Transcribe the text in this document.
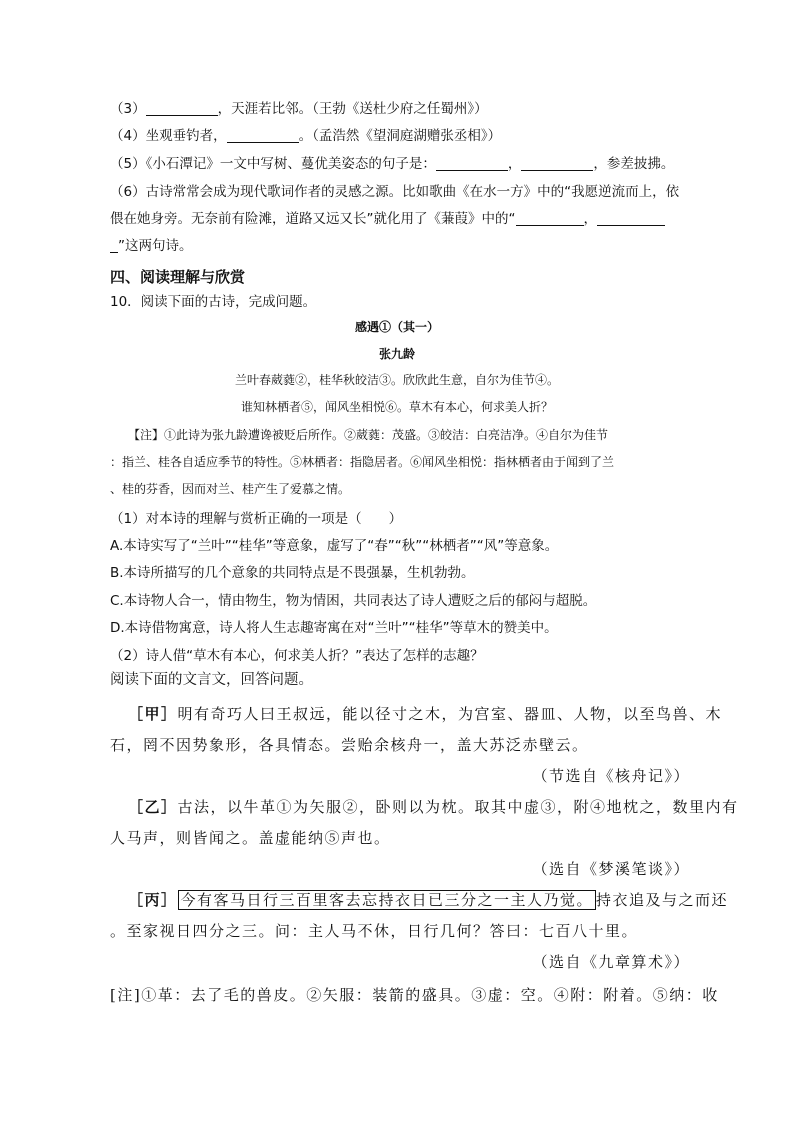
（3）	，天涯若比邻。（王勃《送杜少府之任蜀州》）
（4）坐观垂钓者，	。（孟浩然《望洞庭湖赠张丞相》）
（5）《小石潭记》一文中写树、蔓优美姿态的句子是：	，	，参差披拂。
（6）古诗常常会成为现代歌词作者的灵感之源。比如歌曲《在水一方》中的“我愿逆流而上，依
偎在她身旁。无奈前有险滩，道路又远又长”就化用了《蒹葭》中的“	，
”这两句诗。
四、阅读理解与欣赏
10．阅读下面的古诗，完成问题。
感遇①（其一）
张九龄
兰叶春葳蕤②，桂华秋皎洁③。欣欣此生意，自尔为佳节④。
谁知林栖者⑤，闻风坐相悦⑥。草木有本心，何求美人折？
【注】①此诗为张九龄遭谗被贬后所作。②葳蕤：茂盛。③皎洁：白亮洁净。④自尔为佳节
：指兰、桂各自适应季节的特性。⑤林栖者：指隐居者。⑥闻风坐相悦：指林栖者由于闻到了兰
、桂的芬香，因而对兰、桂产生了爱慕之情。
（1）对本诗的理解与赏析正确的一项是（　　）
A.本诗实写了“兰叶”“桂华”等意象，虚写了“春”“秋”“林栖者”“风”等意象。
B.本诗所描写的几个意象的共同特点是不畏强暴，生机勃勃。
C.本诗物人合一，情由物生，物为情困，共同表达了诗人遭贬之后的郁闷与超脱。
D.本诗借物寓意，诗人将人生志趣寄寓在对“兰叶”“桂华”等草木的赞美中。
（2）诗人借“草木有本心，何求美人折？”表达了怎样的志趣？
阅读下面的文言文，回答问题。
［甲］明有奇巧人曰王叔远，能以径寸之木，为宫室、器皿、人物，以至鸟兽、木
石，罔不因势象形，各具情态。尝贻余核舟一，盖大苏泛赤壁云。
（节选自《核舟记》）
［乙］古法，以牛革①为矢服②，卧则以为枕。取其中虚③，附④地枕之，数里内有
人马声，则皆闻之。盖虚能纳⑤声也。
（选自《梦溪笔谈》）
［丙］ 今有客马日行三百里客去忘持衣日已三分之一主人乃觉。 持衣追及与之而还
。至家视日四分之三。问：主人马不休，日行几何？答曰：七百八十里。
（选自《九章算术》）
[注]①革：去了毛的兽皮。②矢服：装箭的盛具。③虚：空。④附：附着。⑤纳：收
